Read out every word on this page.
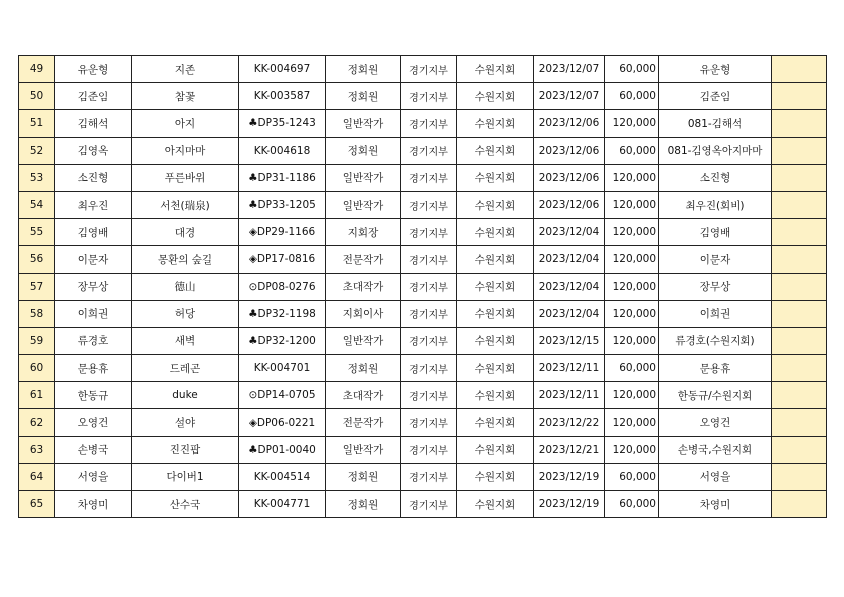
49	유운형	지존	KK-004697	정회원	경기지부	수원지회	2023/12/07	60,000	유운형	
50	김준임	참꽃	KK-003587	정회원	경기지부	수원지회	2023/12/07	60,000	김준임	
51	김해석	아지	♣DP35-1243	일반작가	경기지부	수원지회	2023/12/06	120,000	081-김해석	
52	김영옥	아지마마	KK-004618	정회원	경기지부	수원지회	2023/12/06	60,000	081-김영옥아지마마	
53	소진형	푸른바위	♣DP31-1186	일반작가	경기지부	수원지회	2023/12/06	120,000	소진형	
54	최우진	서천(瑞泉)	♣DP33-1205	일반작가	경기지부	수원지회	2023/12/06	120,000	최우진(회비)	
55	김영배	대경	◈DP29-1166	지회장	경기지부	수원지회	2023/12/04	120,000	김영배	
56	이문자	몽환의 숲길	◈DP17-0816	전문작가	경기지부	수원지회	2023/12/04	120,000	이문자	
57	장무상	德山	⊙DP08-0276	초대작가	경기지부	수원지회	2023/12/04	120,000	장무상	
58	이희권	허당	♣DP32-1198	지회이사	경기지부	수원지회	2023/12/04	120,000	이희권	
59	류경호	새벽	♣DP32-1200	일반작가	경기지부	수원지회	2023/12/15	120,000	류경호(수원지회)	
60	문용휴	드레곤	KK-004701	정회원	경기지부	수원지회	2023/12/11	60,000	문용휴	
61	한동규	duke	⊙DP14-0705	초대작가	경기지부	수원지회	2023/12/11	120,000	한동규/수원지회	
62	오영건	설야	◈DP06-0221	전문작가	경기지부	수원지회	2023/12/22	120,000	오영건	
63	손병국	진진팝	♣DP01-0040	일반작가	경기지부	수원지회	2023/12/21	120,000	손병국,수원지회	
64	서영을	다이버1	KK-004514	정회원	경기지부	수원지회	2023/12/19	60,000	서영을	
65	차영미	산수국	KK-004771	정회원	경기지부	수원지회	2023/12/19	60,000	차영미	
